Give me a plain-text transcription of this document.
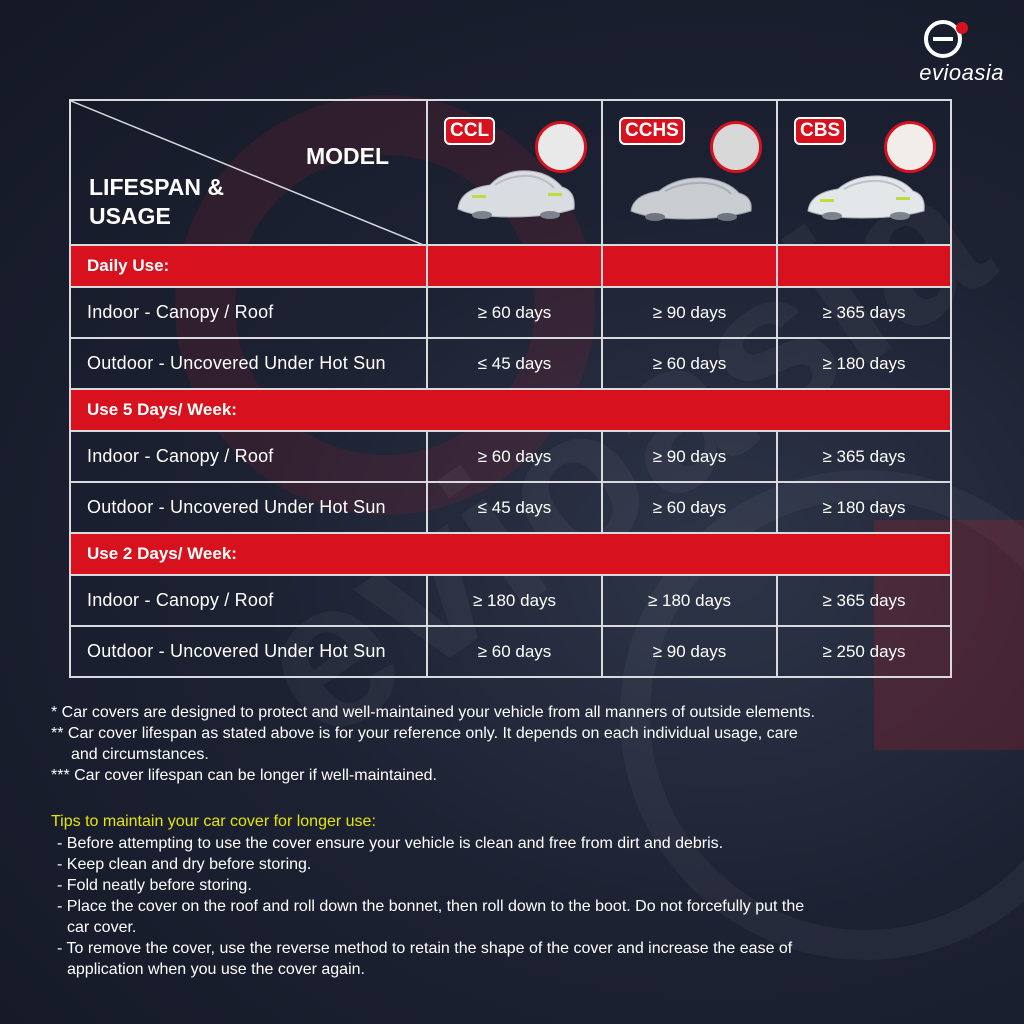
evioasia
MODEL
LIFESPAN &
USAGE	CCL	CCHS	CBS

Daily Use:			
Indoor - Canopy / Roof	≥ 60 days	≥ 90 days	≥ 365 days
Outdoor - Uncovered Under Hot Sun	≤ 45 days	≥ 60 days	≥ 180 days
Use 5 Days/ Week:			
Indoor - Canopy / Roof	≥ 60 days	≥ 90 days	≥ 365 days
Outdoor - Uncovered Under Hot Sun	≤ 45 days	≥ 60 days	≥ 180 days
Use 2 Days/ Week:			
Indoor - Canopy / Roof	≥ 180 days	≥ 180 days	≥ 365 days
Outdoor - Uncovered Under Hot Sun	≥ 60 days	≥ 90 days	≥ 250 days

* Car covers are designed to protect and well-maintained your vehicle from all manners of outside elements.

** Car cover lifespan as stated above is for your reference only. It depends on each individual usage, care

and circumstances.

*** Car cover lifespan can be longer if well-maintained.

Tips to maintain your car cover for longer use:

- Before attempting to use the cover ensure your vehicle is clean and free from dirt and debris.

- Keep clean and dry before storing.

- Fold neatly before storing.

- Place the cover on the roof and roll down the bonnet, then roll down to the boot. Do not forcefully put the

car cover.

- To remove the cover, use the reverse method to retain the shape of the cover and increase the ease of

application when you use the cover again.
